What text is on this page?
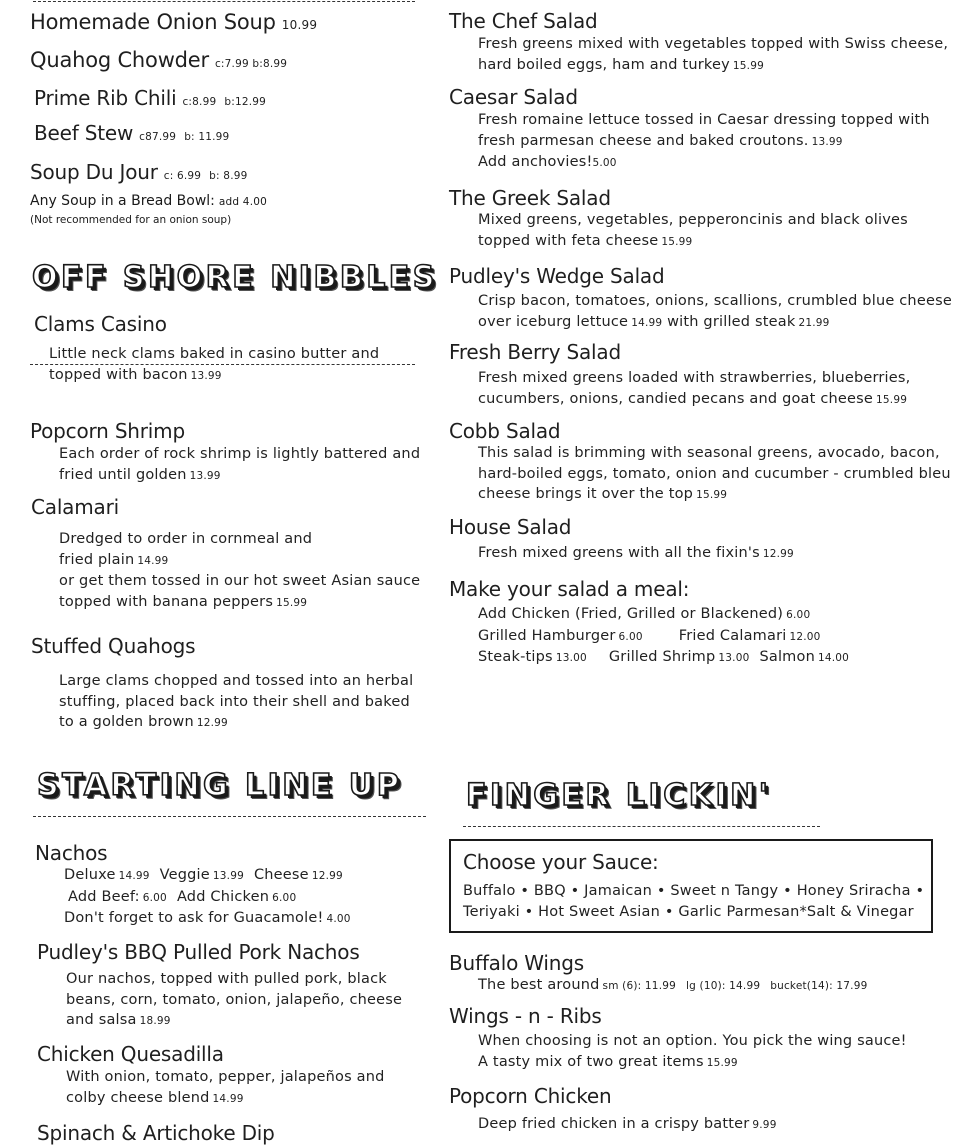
Homemade Onion Soup 10.99
Quahog Chowder c:7.99 b:8.99
Prime Rib Chili c:8.99 b:12.99
Beef Stew c87.99 b: 11.99
Soup Du Jour c: 6.99 b: 8.99
Any Soup in a Bread Bowl: add 4.00
(Not recommended for an onion soup)
OFF SHORE NIBBLES
Clams Casino
Little neck clams baked in casino butter and
topped with bacon 13.99
Popcorn Shrimp
Each order of rock shrimp is lightly battered and
fried until golden 13.99
Calamari
Dredged to order in cornmeal and
fried plain 14.99
or get them tossed in our hot sweet Asian sauce
topped with banana peppers 15.99
Stuffed Quahogs
Large clams chopped and tossed into an herbal
stuffing, placed back into their shell and baked
to a golden brown 12.99
STARTING LINE UP
Nachos
Deluxe 14.99 Veggie 13.99 Cheese 12.99
Add Beef: 6.00 Add Chicken 6.00
Don't forget to ask for Guacamole! 4.00
Pudley's BBQ Pulled Pork Nachos
Our nachos, topped with pulled pork, black
beans, corn, tomato, onion, jalapeño, cheese
and salsa 18.99
Chicken Quesadilla
With onion, tomato, pepper, jalapeños and
colby cheese blend 14.99
Spinach & Artichoke Dip
The Chef Salad
Fresh greens mixed with vegetables topped with Swiss cheese,
hard boiled eggs, ham and turkey 15.99
Caesar Salad
Fresh romaine lettuce tossed in Caesar dressing topped with
fresh parmesan cheese and baked croutons. 13.99
Add anchovies!5.00
The Greek Salad
Mixed greens, vegetables, pepperoncinis and black olives
topped with feta cheese 15.99
Pudley's Wedge Salad
Crisp bacon, tomatoes, onions, scallions, crumbled blue cheese
over iceburg lettuce 14.99 with grilled steak 21.99
Fresh Berry Salad
Fresh mixed greens loaded with strawberries, blueberries,
cucumbers, onions, candied pecans and goat cheese 15.99
Cobb Salad
This salad is brimming with seasonal greens, avocado, bacon,
hard-boiled eggs, tomato, onion and cucumber - crumbled bleu
cheese brings it over the top 15.99
House Salad
Fresh mixed greens with all the fixin's 12.99
Make your salad a meal:
Add Chicken (Fried, Grilled or Blackened) 6.00
Grilled Hamburger 6.00 Fried Calamari 12.00
Steak-tips 13.00 Grilled Shrimp 13.00 Salmon 14.00
FINGER LICKIN'
Choose your Sauce:
Buffalo • BBQ • Jamaican • Sweet n Tangy • Honey Sriracha •
Teriyaki • Hot Sweet Asian • Garlic Parmesan*Salt & Vinegar
Buffalo Wings
The best around sm (6): 11.99 lg (10): 14.99 bucket(14): 17.99
Wings - n - Ribs
When choosing is not an option. You pick the wing sauce!
A tasty mix of two great items 15.99
Popcorn Chicken
Deep fried chicken in a crispy batter 9.99
